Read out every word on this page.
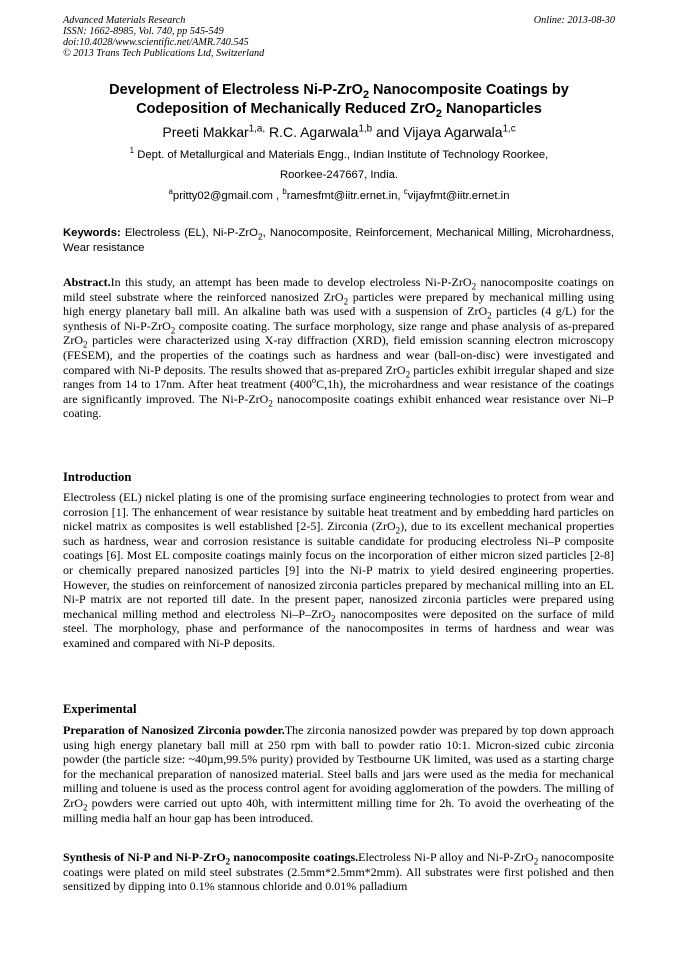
Advanced Materials Research
ISSN: 1662-8985, Vol. 740, pp 545-549
doi:10.4028/www.scientific.net/AMR.740.545
© 2013 Trans Tech Publications Ltd, Switzerland
Online: 2013-08-30
Development of Electroless Ni-P-ZrO$_2$ Nanocomposite Coatings by
Codeposition of Mechanically Reduced ZrO$_2$ Nanoparticles
Preeti Makkar$^{1,a,}$ R.C. Agarwala$^{1,b}$ and Vijaya Agarwala$^{1,c}$
$^1$ Dept. of Metallurgical and Materials Engg., Indian Institute of Technology Roorkee,
Roorkee-247667, India.
$^a$pritty02@gmail.com , $^b$ramesfmt@iitr.ernet.in, $^c$vijayfmt@iitr.ernet.in
Keywords: Electroless (EL), Ni-P-ZrO$_2$, Nanocomposite, Reinforcement, Mechanical Milling, Microhardness, Wear resistance
Abstract.In this study, an attempt has been made to develop electroless Ni-P-ZrO$_2$ nanocomposite coatings on mild steel substrate where the reinforced nanosized ZrO$_2$ particles were prepared by mechanical milling using high energy planetary ball mill. An alkaline bath was used with a suspension of ZrO$_2$ particles (4 g/L) for the synthesis of Ni-P-ZrO$_2$ composite coating. The surface morphology, size range and phase analysis of as-prepared ZrO$_2$ particles were characterized using X-ray diffraction (XRD), field emission scanning electron microscopy (FESEM), and the properties of the coatings such as hardness and wear (ball-on-disc) were investigated and compared with Ni-P deposits. The results showed that as-prepared ZrO$_2$ particles exhibit irregular shaped and size ranges from 14 to 17nm. After heat treatment (400$^o$C,1h), the microhardness and wear resistance of the coatings are significantly improved. The Ni-P-ZrO$_2$ nanocomposite coatings exhibit enhanced wear resistance over Ni–P coating.
Introduction
Electroless (EL) nickel plating is one of the promising surface engineering technologies to protect from wear and corrosion [1]. The enhancement of wear resistance by suitable heat treatment and by embedding hard particles on nickel matrix as composites is well established [2-5]. Zirconia (ZrO$_2$), due to its excellent mechanical properties such as hardness, wear and corrosion resistance is suitable candidate for producing electroless Ni–P composite coatings [6]. Most EL composite coatings mainly focus on the incorporation of either micron sized particles [2-8] or chemically prepared nanosized particles [9] into the Ni-P matrix to yield desired engineering properties. However, the studies on reinforcement of nanosized zirconia particles prepared by mechanical milling into an EL Ni-P matrix are not reported till date. In the present paper, nanosized zirconia particles were prepared using mechanical milling method and electroless Ni–P–ZrO$_2$ nanocomposites were deposited on the surface of mild steel. The morphology, phase and performance of the nanocomposites in terms of hardness and wear was examined and compared with Ni-P deposits.
Experimental
Preparation of Nanosized Zirconia powder.The zirconia nanosized powder was prepared by top down approach using high energy planetary ball mill at 250 rpm with ball to powder ratio 10:1. Micron-sized cubic zirconia powder (the particle size: ~40µm,99.5% purity) provided by Testbourne UK limited, was used as a starting charge for the mechanical preparation of nanosized material. Steel balls and jars were used as the media for mechanical milling and toluene is used as the process control agent for avoiding agglomeration of the powders. The milling of ZrO$_2$ powders were carried out upto 40h, with intermittent milling time for 2h. To avoid the overheating of the milling media half an hour gap has been introduced.
Synthesis of Ni-P and Ni-P-ZrO$_2$ nanocomposite coatings.Electroless Ni-P alloy and Ni-P-ZrO$_2$ nanocomposite coatings were plated on mild steel substrates (2.5mm*2.5mm*2mm). All substrates were first polished and then sensitized by dipping into 0.1% stannous chloride and 0.01% palladium
